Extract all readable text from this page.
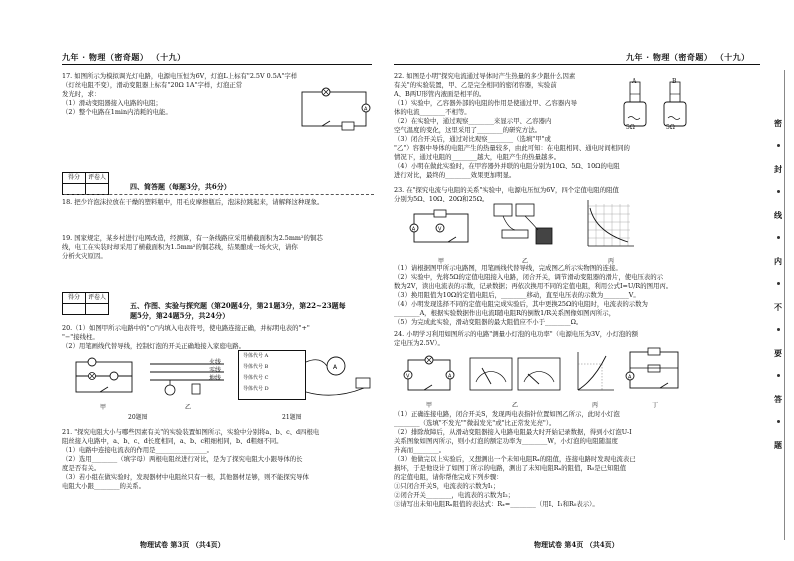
九年 · 物理（密奇题） （十九）
17. 如图所示为模拟调光灯电路，电源电压恒为6V，灯泡L上标有"2.5V 0.5A"字样
（灯丝电阻不变），滑动变阻器上标有"20Ω 1A"字样，灯泡正常
发光时，求：
（1）滑动变阻器接入电路的电阻；
（2）整个电路在1min内消耗的电能。	A
得分	评卷人
四、简答题（每题3分，共6分）
18. 把少许泡沫拉放在干燥的塑料瓶中，用毛皮摩擦瓶后，泡沫拉跳起来，请解释这种现象。
19. 国家规定，某乡村进行电网改造，经测算，有一条线路应采用横截面积为2.5mm²的铜芯
线，电工在实装时却采用了横截面积为1.5mm²的铜芯线，结果酿成一场火灾，请你
分析火灾原因。
得分	评卷人
五、作图、实验与探究题（第20题4分，第21题3分，第22~23题每
题5分，第24题5分，共24分）
20.（1）如图甲所示电路中的"○"内填入电表符号，使电路连接正确，并标明电表的"+"
"−"接线柱。
（2）用笔画线代替导线，控制灯泡的开关正确地接入家庭电路。
甲
火线
零线
地线
乙
导体代号 A
导体代号 B
导体代号 C
导体代号 D
A
20题图	21题图
21. "探究电阻大小与哪些因素有关"的实验装置如图所示，实验中分别将a、b、c、d四根电
阻丝接入电路中，a、b、c、d长度相同，a、b、c粗细相同，b、d粗细不同。
（1）电路中连接电流表的作用是________________。
（2）选用________（填字母）两根电阻丝进行对比，是为了探究电阻大小跟导体的长
度是否有关。
（3）若小组在做实验时，发现器材中电阻丝只有一根，其他器材足够，则不能探究导体
电阻大小跟________的关系。
物理试卷 第3页 （共4页）
九年 · 物理（密奇题） （十九）
22. 如图是小明"探究电流通过导体时产生热量的多少跟什么因素
有关"的实验装置，甲、乙是完全相同的密闭容器，实验前
A、B两U形管内液面是相平的。
（1）实验中，乙容器外部的电阻的作用是使通过甲、乙容器内导
体的电流________不相等。
（2）在实验中，通过观察________来显示甲、乙容器内
空气温度的变化，这里采用了________的研究方法。
（3）闭合开关后，通过对比观察________（选填"甲"或
"乙"）容器中导体的电阻产生的热量较多，由此可知：在电阻相同、通电时间相同的
情况下，通过电阻的________越大，电阻产生的热量越多。
（4）小明在做此实验时，在甲容器外并联的电阻分别为10Ω、5Ω、10Ω的电阻
进行对比，最终的________效果更加明显。
A	B
5Ω	5Ω
23. 在"探究电流与电阻的关系"实验中，电源电压恒为6V，四个定值电阻的阻值
分别为5Ω、10Ω、20Ω和25Ω。
A	V
甲	乙	丙
（1）请根据图甲所示电路图，用笔画线代替导线，完成图乙所示实物图的连接。
（2）实验中，先将5Ω的定值电阻接入电路，闭合开关，调节滑动变阻器的滑片，使电压表的示
数为2V，读出电流表的示数，记录数据；再依次换用不同的定值电阻，利用公式I=U/R的图用丙。
（3）换用阻值为10Ω的定值电阻后，________移动，直至电压表的示数为________V。
（4）小明发现选择不同的定值电阻完成实验后，其中更换25Ω的电阻时，电流表的示数为
________A，根据实验数据作出电流I随电阻R的倒数1/R关系图像如图丙所示，
（5）为完成此实验，滑动变阻器的最大阻值应不小于________Ω。
24. 小明学习利用如图所示的电路"测量小灯泡的电功率"（电源电压为3V，小灯泡的额
定电压为2.5V）。
V	A	A
甲	乙	丙	丁
（1）正确连接电路，闭合开关S，发现两电表指针位置如图乙所示，此时小灯泡
________（选填"不发光""微弱发光"或"比正常发光亮"）。
（2）排除故障后，从滑动变阻器接入电路电阻最大时开始记录数据，得到小灯泡U-I
关系图象如图丙所示，则小灯泡的额定功率为________W，小灯泡的电阻随温度
升高而________。
（3）他做完以上实验后，又想测出一个未知电阻Rₓ的阻值，连接电路时发现电流表已
损坏，于是他设计了如图丁所示的电路，测出了未知电阻Rₓ的阻值，R₀是已知阻值
的定值电阻，请你帮他完成下列步骤：
①只闭合开关S，电流表的示数为I₁；
②闭合开关________，电流表的示数为I₂；
③请写出未知电阻Rₓ阻值的表达式：Rₓ=________（用I、I₁和R₀表示）。
物理试卷 第4页 （共4页）
密
封
线
内
不
要
答
题
